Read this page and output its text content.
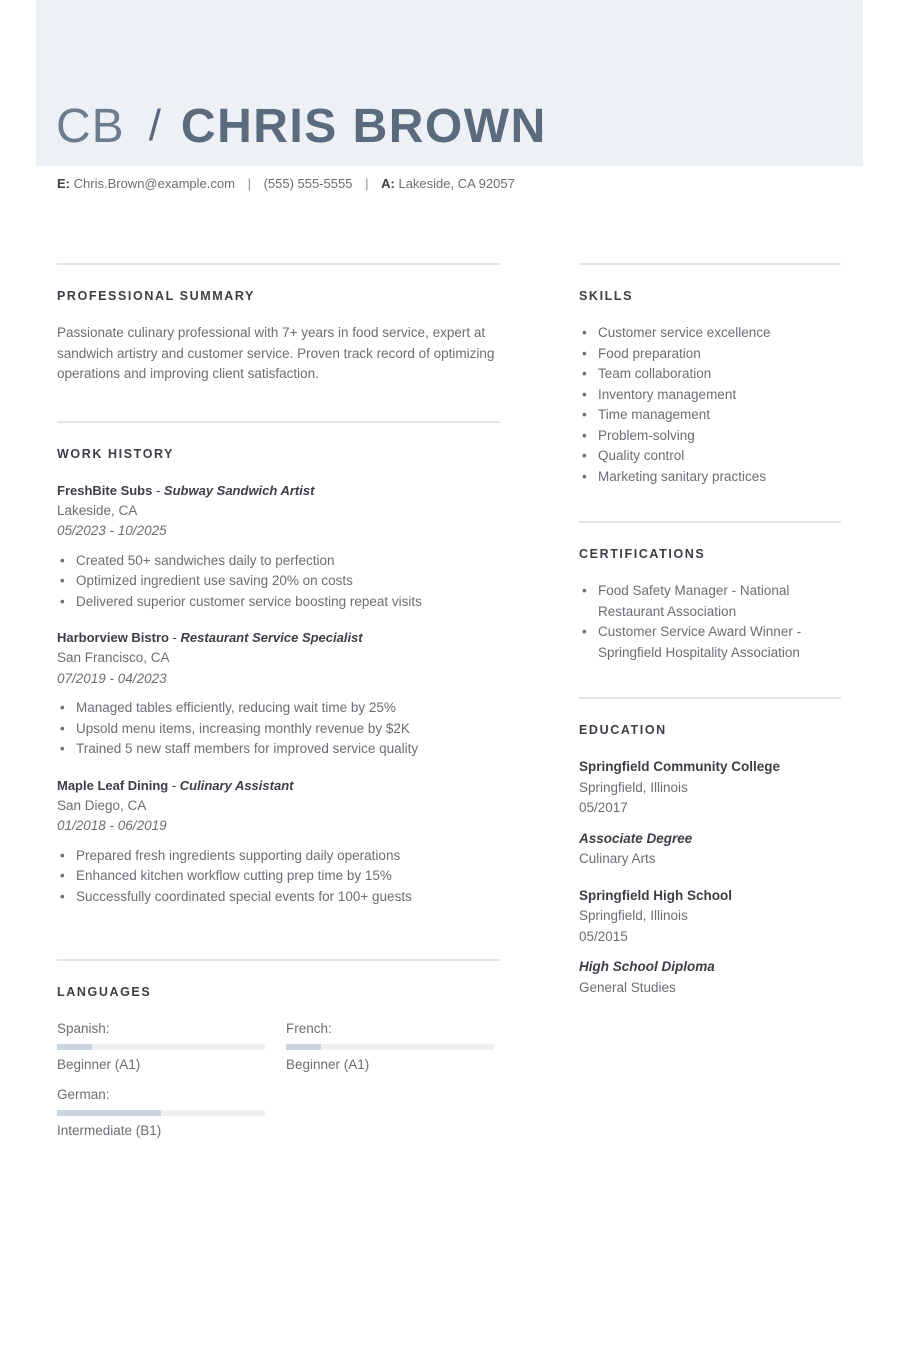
CB / CHRIS BROWN
E: Chris.Brown@example.com | (555) 555-5555 | A: Lakeside, CA 92057
PROFESSIONAL SUMMARY

Passionate culinary professional with 7+ years in food service, expert at sandwich artistry and customer service. Proven track record of optimizing operations and improving client satisfaction.

WORK HISTORY
FreshBite Subs - Subway Sandwich Artist
Lakeside, CA
05/2023 - 10/2025
• Created 50+ sandwiches daily to perfection
• Optimized ingredient use saving 20% on costs
• Delivered superior customer service boosting repeat visits
Harborview Bistro - Restaurant Service Specialist
San Francisco, CA
07/2019 - 04/2023
• Managed tables efficiently, reducing wait time by 25%
• Upsold menu items, increasing monthly revenue by $2K
• Trained 5 new staff members for improved service quality
Maple Leaf Dining - Culinary Assistant
San Diego, CA
01/2018 - 06/2019
• Prepared fresh ingredients supporting daily operations
• Enhanced kitchen workflow cutting prep time by 15%
• Successfully coordinated special events for 100+ guests
LANGUAGES
Spanish:
Beginner (A1)
French:
Beginner (A1)
German:
Intermediate (B1)
SKILLS
• Customer service excellence
• Food preparation
• Team collaboration
• Inventory management
• Time management
• Problem-solving
• Quality control
• Marketing sanitary practices
CERTIFICATIONS
• Food Safety Manager - National Restaurant Association
• Customer Service Award Winner - Springfield Hospitality Association
EDUCATION
Springfield Community College
Springfield, Illinois
05/2017
Associate Degree
Culinary Arts
Springfield High School
Springfield, Illinois
05/2015
High School Diploma
General Studies
